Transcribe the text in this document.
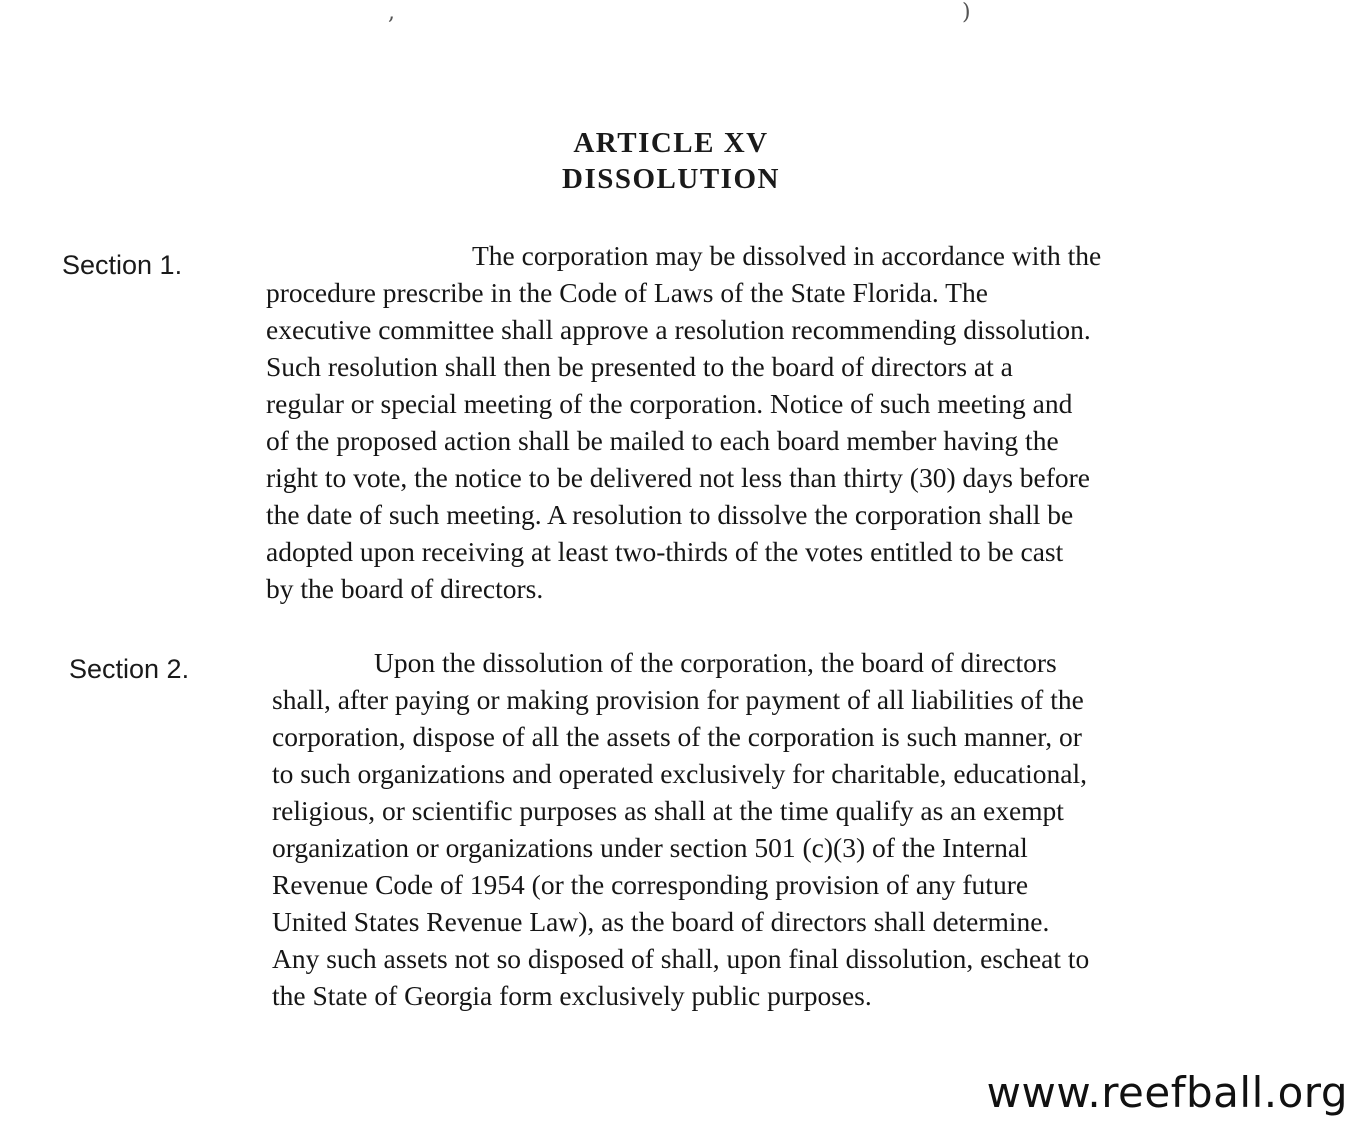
,	)
ARTICLE XV
DISSOLUTION
Section 1.	The corporation may be dissolved in accordance with the
procedure prescribe in the Code of Laws of the State Florida. The
executive committee shall approve a resolution recommending dissolution.
Such resolution shall then be presented to the board of directors at a
regular or special meeting of the corporation. Notice of such meeting and
of the proposed action shall be mailed to each board member having the
right to vote, the notice to be delivered not less than thirty (30) days before
the date of such meeting. A resolution to dissolve the corporation shall be
adopted upon receiving at least two-thirds of the votes entitled to be cast
by the board of directors.
Section 2.	Upon the dissolution of the corporation, the board of directors
shall, after paying or making provision for payment of all liabilities of the
corporation, dispose of all the assets of the corporation is such manner, or
to such organizations and operated exclusively for charitable, educational,
religious, or scientific purposes as shall at the time qualify as an exempt
organization or organizations under section 501 (c)(3) of the Internal
Revenue Code of 1954 (or the corresponding provision of any future
United States Revenue Law), as the board of directors shall determine.
Any such assets not so disposed of shall, upon final dissolution, escheat to
the State of Georgia form exclusively public purposes.
www.reefball.org
